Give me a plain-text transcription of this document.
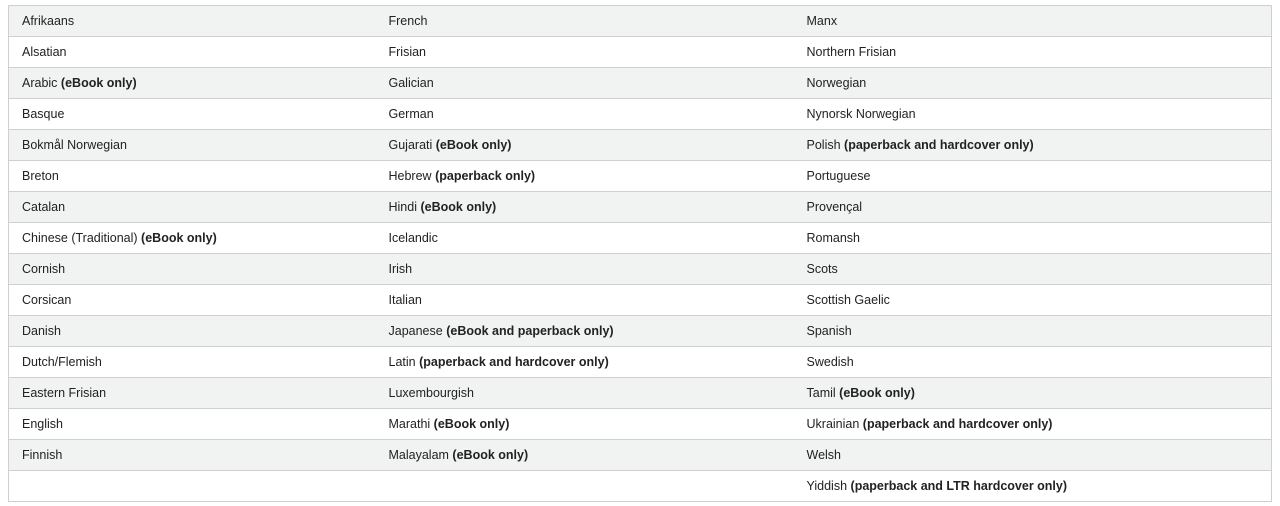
Afrikaans	French	Manx
Alsatian	Frisian	Northern Frisian
Arabic (eBook only)	Galician	Norwegian
Basque	German	Nynorsk Norwegian
Bokmål Norwegian	Gujarati (eBook only)	Polish (paperback and hardcover only)
Breton	Hebrew (paperback only)	Portuguese
Catalan	Hindi (eBook only)	Provençal
Chinese (Traditional) (eBook only)	Icelandic	Romansh
Cornish	Irish	Scots
Corsican	Italian	Scottish Gaelic
Danish	Japanese (eBook and paperback only)	Spanish
Dutch/Flemish	Latin (paperback and hardcover only)	Swedish
Eastern Frisian	Luxembourgish	Tamil (eBook only)
English	Marathi (eBook only)	Ukrainian (paperback and hardcover only)
Finnish	Malayalam (eBook only)	Welsh
		Yiddish (paperback and LTR hardcover only)
